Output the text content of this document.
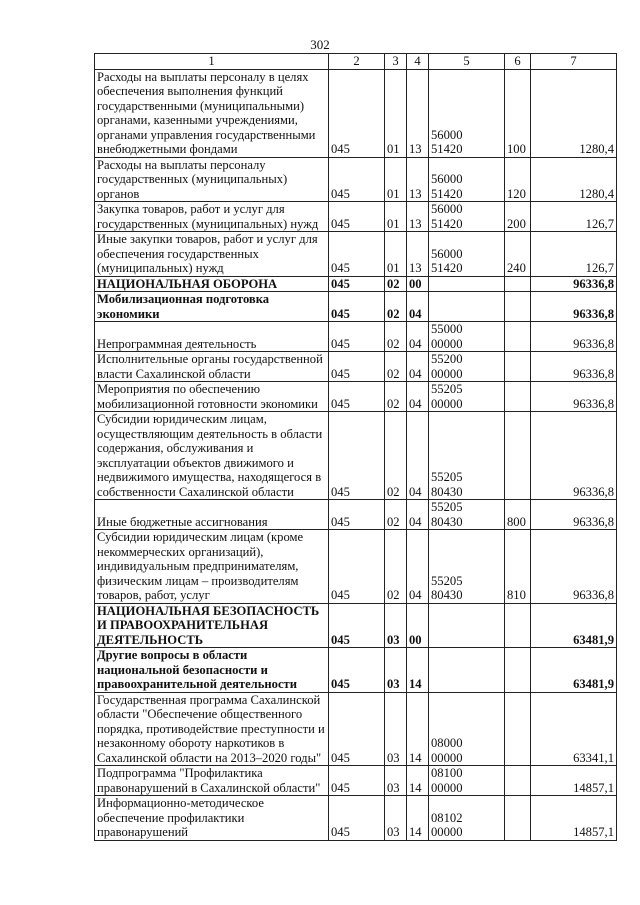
302
1	2	3	4	5	6	7
Расходы на выплаты персоналу в целях обеспечения выполнения функций государственными (муниципальными) органами, казенными учреждениями, органами управления государственными внебюджетными фондами	045	01	13	5600051420	100	1280,4
Расходы на выплаты персоналу государственных (муниципальных) органов	045	01	13	5600051420	120	1280,4
Закупка товаров, работ и услуг для государственных (муниципальных) нужд	045	01	13	5600051420	200	126,7
Иные закупки товаров, работ и услуг для обеспечения государственных (муниципальных) нужд	045	01	13	5600051420	240	126,7
НАЦИОНАЛЬНАЯ ОБОРОНА	045	02	00			96336,8
Мобилизационная подготовка экономики	045	02	04			96336,8
Непрограммная деятельность	045	02	04	5500000000		96336,8
Исполнительные органы государственной власти Сахалинской области	045	02	04	5520000000		96336,8
Мероприятия по обеспечению мобилизационной готовности экономики	045	02	04	5520500000		96336,8
Субсидии юридическим лицам, осуществляющим деятельность в области содержания, обслуживания и эксплуатации объектов движимого и недвижимого имущества, находящегося в собственности Сахалинской области	045	02	04	5520580430		96336,8
Иные бюджетные ассигнования	045	02	04	5520580430	800	96336,8
Субсидии юридическим лицам (кроме некоммерческих организаций), индивидуальным предпринимателям, физическим лицам – производителям товаров, работ, услуг	045	02	04	5520580430	810	96336,8
НАЦИОНАЛЬНАЯ БЕЗОПАСНОСТЬ И ПРАВООХРАНИТЕЛЬНАЯ ДЕЯТЕЛЬНОСТЬ	045	03	00			63481,9
Другие вопросы в области национальной безопасности и правоохранительной деятельности	045	03	14			63481,9
Государственная программа Сахалинской области "Обеспечение общественного порядка, противодействие преступности и незаконному обороту наркотиков в Сахалинской области на 2013–2020 годы"	045	03	14	0800000000		63341,1
Подпрограмма "Профилактика правонарушений в Сахалинской области"	045	03	14	0810000000		14857,1
Информационно-методическое обеспечение профилактики правонарушений	045	03	14	0810200000		14857,1
